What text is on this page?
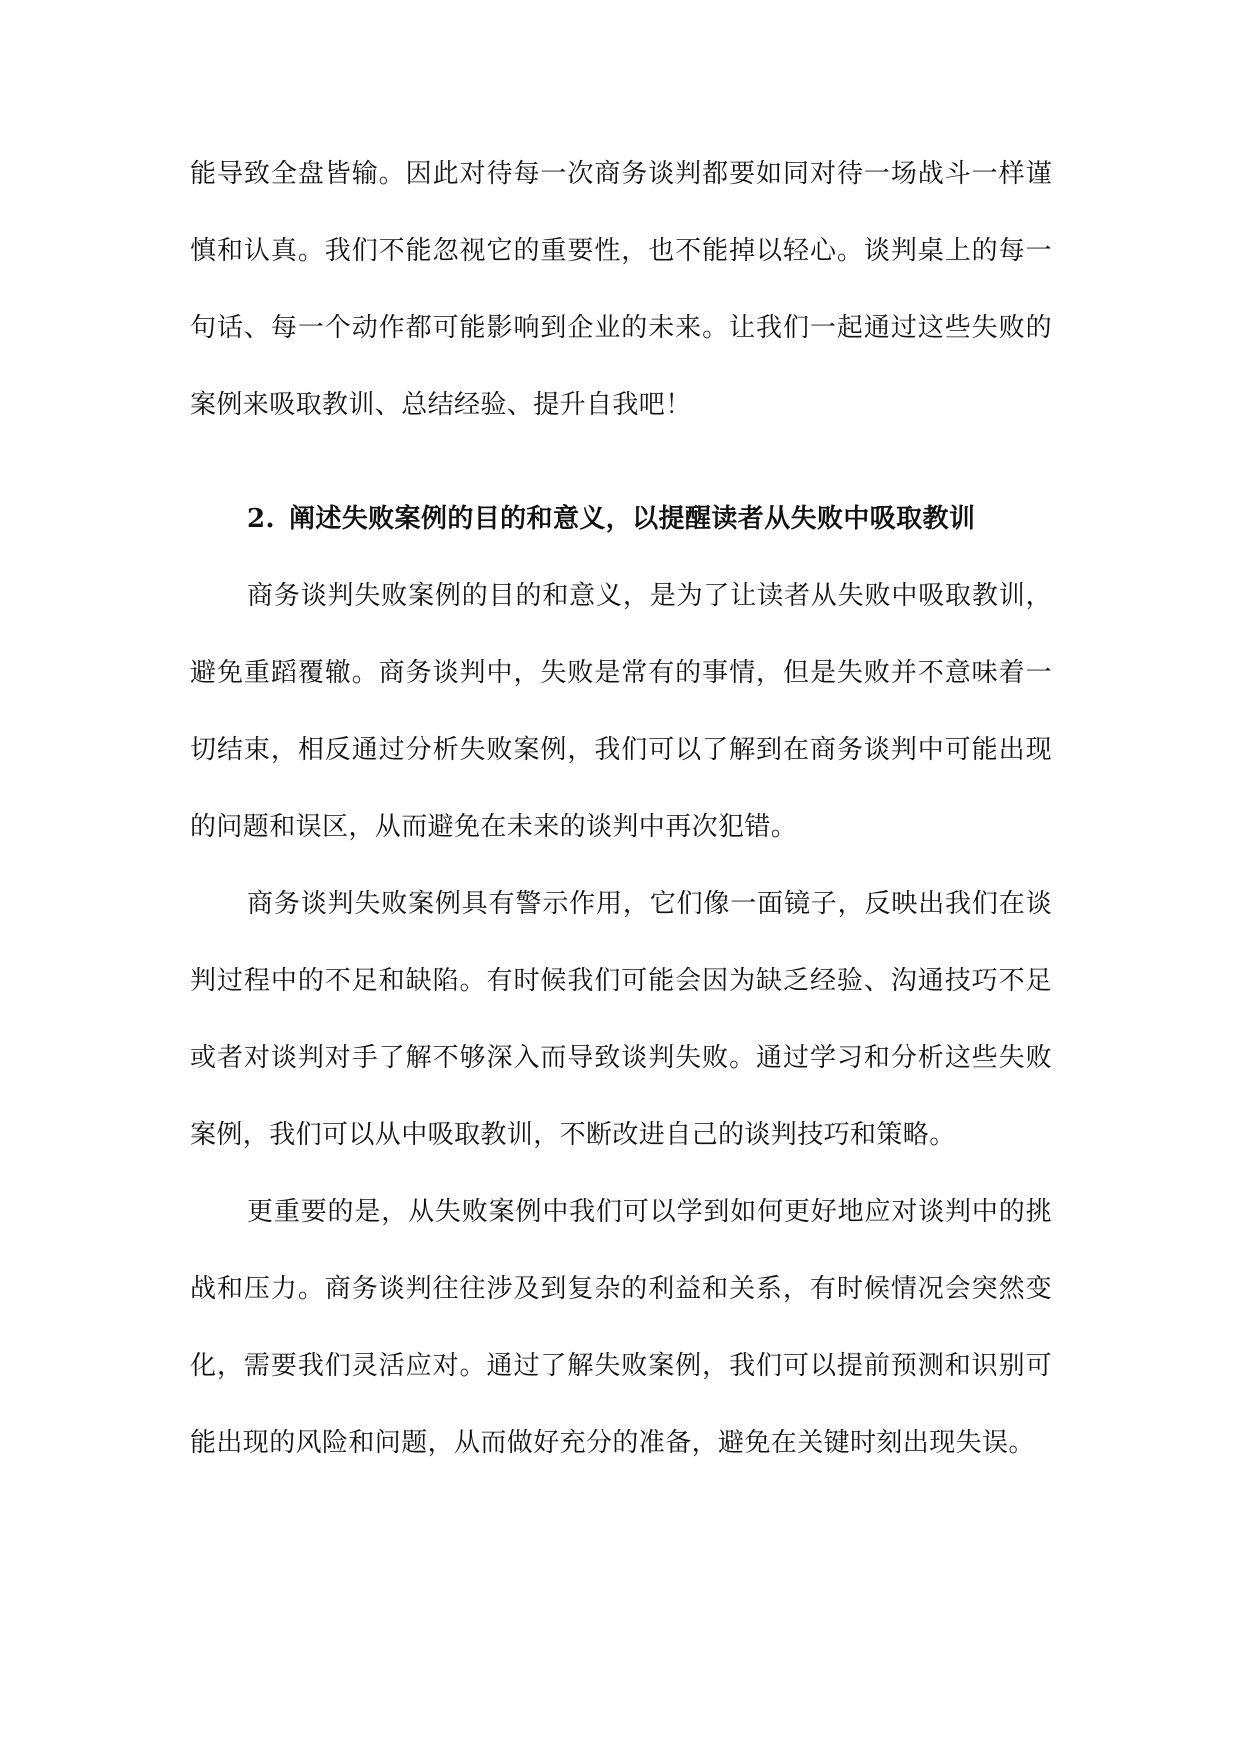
能导致全盘皆输。因此对待每一次商务谈判都要如同对待一场战斗一样谨慎和认真。我们不能忽视它的重要性，也不能掉以轻心。谈判桌上的每一句话、每一个动作都可能影响到企业的未来。让我们一起通过这些失败的案例来吸取教训、总结经验、提升自我吧！

2. 阐述失败案例的目的和意义，以提醒读者从失败中吸取教训

商务谈判失败案例的目的和意义，是为了让读者从失败中吸取教训，避免重蹈覆辙。商务谈判中，失败是常有的事情，但是失败并不意味着一切结束，相反通过分析失败案例，我们可以了解到在商务谈判中可能出现的问题和误区，从而避免在未来的谈判中再次犯错。

商务谈判失败案例具有警示作用，它们像一面镜子，反映出我们在谈判过程中的不足和缺陷。有时候我们可能会因为缺乏经验、沟通技巧不足或者对谈判对手了解不够深入而导致谈判失败。通过学习和分析这些失败案例，我们可以从中吸取教训，不断改进自己的谈判技巧和策略。

更重要的是，从失败案例中我们可以学到如何更好地应对谈判中的挑战和压力。商务谈判往往涉及到复杂的利益和关系，有时候情况会突然变化，需要我们灵活应对。通过了解失败案例，我们可以提前预测和识别可能出现的风险和问题，从而做好充分的准备，避免在关键时刻出现失误。
